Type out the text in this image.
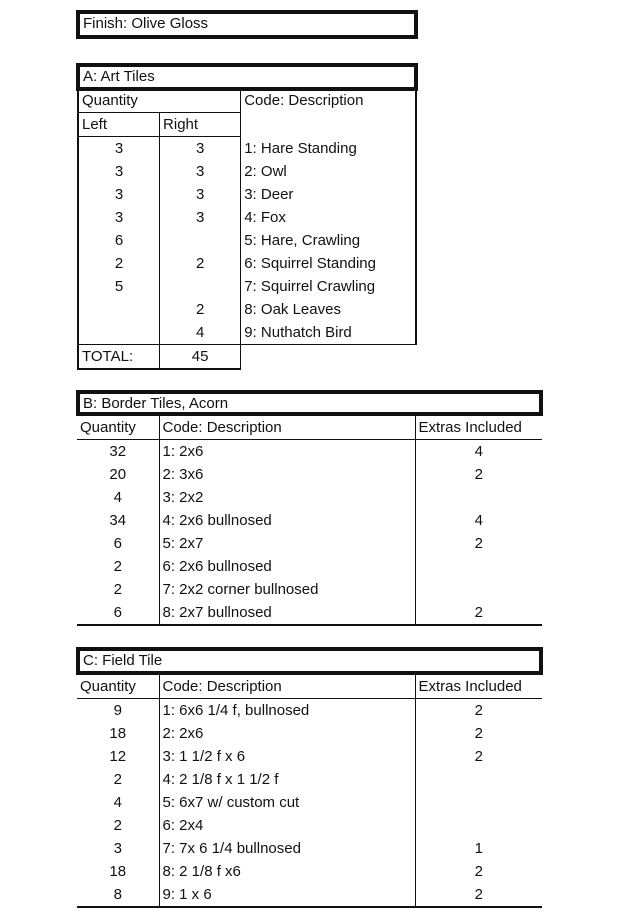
Finish: Olive Gloss
A: Art Tiles
Quantity		Code: Description
Left	Right	
3	3	1: Hare Standing
3	3	2: Owl
3	3	3: Deer
3	3	4: Fox
6		5: Hare, Crawling
2	2	6: Squirrel Standing
5		7: Squirrel Crawling
	2	8: Oak Leaves
	4	9: Nuthatch Bird
TOTAL:	45	
B: Border Tiles, Acorn
Quantity	Code: Description	Extras Included
32	1: 2x6	4
20	2: 3x6	2
4	3: 2x2	
34	4: 2x6 bullnosed	4
6	5: 2x7	2
2	6: 2x6 bullnosed	
2	7: 2x2 corner bullnosed	
6	8: 2x7 bullnosed	2
C: Field Tile
Quantity	Code: Description	Extras Included
9	1: 6x6 1/4 f, bullnosed	2
18	2: 2x6	2
12	3: 1 1/2 f x 6	2
2	4: 2 1/8 f x 1 1/2 f	
4	5: 6x7 w/ custom cut	
2	6: 2x4	
3	7: 7x 6 1/4 bullnosed	1
18	8: 2 1/8 f x6	2
8	9: 1 x 6	2
